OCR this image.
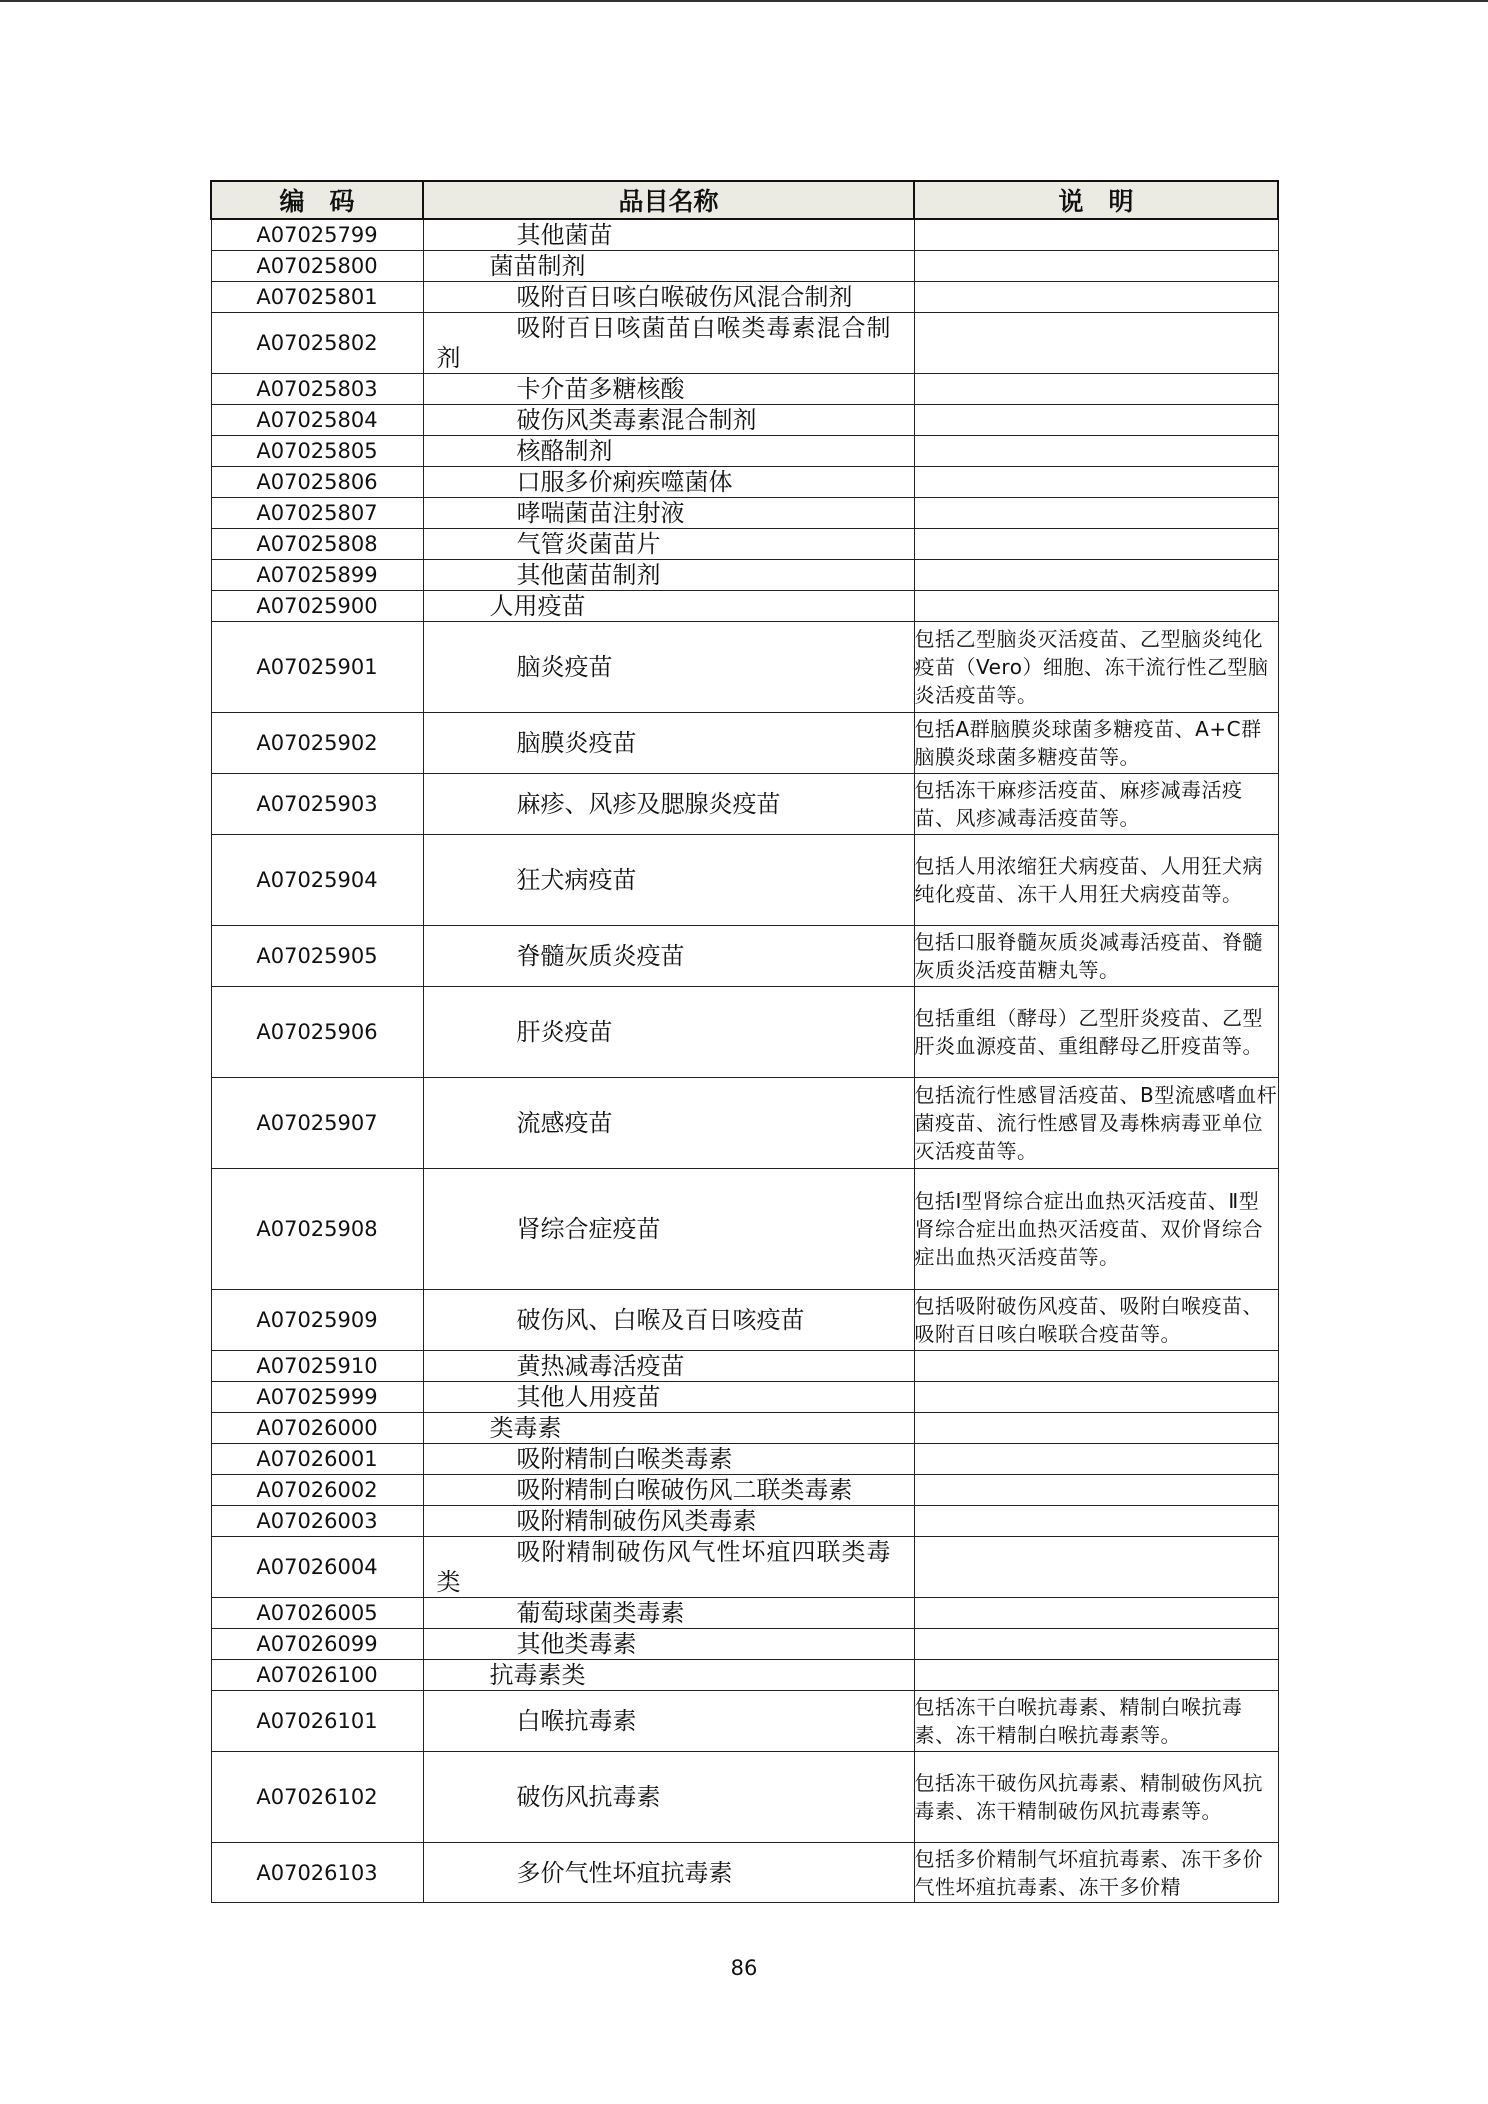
编　码	品目名称	说　明
A07025799	其他菌苗	

A07025800	菌苗制剂	

A07025801	吸附百日咳白喉破伤风混合制剂	

A07025802	吸附百日咳菌苗白喉类毒素混合制剂	

A07025803	卡介苗多糖核酸	

A07025804	破伤风类毒素混合制剂	

A07025805	核酪制剂	

A07025806	口服多价痢疾噬菌体	

A07025807	哮喘菌苗注射液	

A07025808	气管炎菌苗片	

A07025899	其他菌苗制剂	

A07025900	人用疫苗	

A07025901	脑炎疫苗	包括乙型脑炎灭活疫苗、乙型脑炎纯化疫苗（Vero）细胞、冻干流行性乙型脑炎活疫苗等。
A07025902	脑膜炎疫苗	包括A群脑膜炎球菌多糖疫苗、A+C群脑膜炎球菌多糖疫苗等。
A07025903	麻疹、风疹及腮腺炎疫苗	包括冻干麻疹活疫苗、麻疹减毒活疫苗、风疹减毒活疫苗等。
A07025904	狂犬病疫苗	包括人用浓缩狂犬病疫苗、人用狂犬病纯化疫苗、冻干人用狂犬病疫苗等。
A07025905	脊髓灰质炎疫苗	包括口服脊髓灰质炎减毒活疫苗、脊髓灰质炎活疫苗糖丸等。
A07025906	肝炎疫苗	包括重组（酵母）乙型肝炎疫苗、乙型肝炎血源疫苗、重组酵母乙肝疫苗等。
A07025907	流感疫苗	包括流行性感冒活疫苗、B型流感嗜血杆菌疫苗、流行性感冒及毒株病毒亚单位灭活疫苗等。
A07025908	肾综合症疫苗	包括Ⅰ型肾综合症出血热灭活疫苗、Ⅱ型肾综合症出血热灭活疫苗、双价肾综合症出血热灭活疫苗等。
A07025909	破伤风、白喉及百日咳疫苗	包括吸附破伤风疫苗、吸附白喉疫苗、吸附百日咳白喉联合疫苗等。
A07025910	黄热减毒活疫苗	

A07025999	其他人用疫苗	

A07026000	类毒素	

A07026001	吸附精制白喉类毒素	

A07026002	吸附精制白喉破伤风二联类毒素	

A07026003	吸附精制破伤风类毒素	

A07026004	吸附精制破伤风气性坏疽四联类毒类	

A07026005	葡萄球菌类毒素	

A07026099	其他类毒素	

A07026100	抗毒素类	

A07026101	白喉抗毒素	包括冻干白喉抗毒素、精制白喉抗毒素、冻干精制白喉抗毒素等。
A07026102	破伤风抗毒素	包括冻干破伤风抗毒素、精制破伤风抗毒素、冻干精制破伤风抗毒素等。
A07026103	多价气性坏疽抗毒素	包括多价精制气坏疽抗毒素、冻干多价气性坏疽抗毒素、冻干多价精
86
